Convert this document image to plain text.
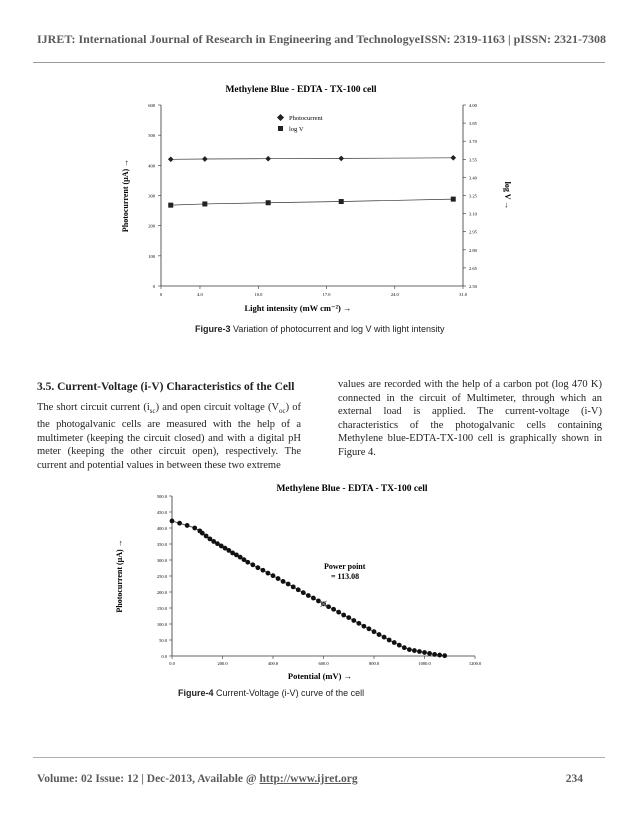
IJRET: International Journal of Research in Engineering and Technology eISSN: 2319-1163 | pISSN: 2321-7308
Methylene Blue - EDTA - TX-100 cell
0
100
200
300
400
500
600
2.50
2.65
2.80
2.95
3.10
3.25
3.40
3.55
3.70
3.85
4.00
0	4.0	10.0	17.0	24.0	31.0
Light intensity (mW cm⁻²) →
Photocurrent (μA) →	log V →
Photocurrent
log V
Figure-3 Variation of photocurrent and log V with light intensity
3.5. Current-Voltage (i-V) Characteristics of the Cell

The short circuit current $(i_{sc})$ and open circuit voltage $(V_{oc})$ of the photogalvanic cells are measured with the help of a multimeter (keeping the circuit closed) and with a digital pH meter (keeping the other circuit open), respectively. The current and potential values in between these two extreme

values are recorded with the help of a carbon pot (log 470 K) connected in the circuit of Multimeter, through which an external load is applied. The current-voltage (i-V) characteristics of the photogalvanic cells containing Methylene blue-EDTA-TX-100 cell is graphically shown in Figure 4.

Methylene Blue - EDTA - TX-100 cell
0.0
50.0
100.0
150.0
200.0
250.0
300.0
350.0
400.0
450.0
500.0
0.0	200.0	400.0	600.0	800.0	1000.0	1200.0
Potential (mV) →
Photocurrent (μA) →	Power point
= 113.08
Figure-4 Current-Voltage (i-V) curve of the cell
Volume: 02 Issue: 12 | Dec-2013, Available @ http://www.ijret.org	234
